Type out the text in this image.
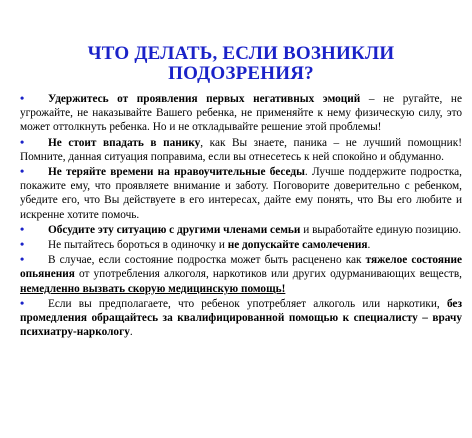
ЧТО ДЕЛАТЬ, ЕСЛИ ВОЗНИКЛИ ПОДОЗРЕНИЯ?
• Удержитесь от проявления первых негативных эмоций – не ругайте, не угрожайте, не наказывайте Вашего ребенка, не применяйте к нему физическую силу, это может оттолкнуть ребенка. Но и не откладывайте решение этой проблемы!
• Не стоит впадать в панику, как Вы знаете, паника – не лучший помощник! Помните, данная ситуация поправима, если вы отнесетесь к ней спокойно и обдуманно.
• Не теряйте времени на нравоучительные беседы. Лучше поддержите подростка, покажите ему, что проявляете внимание и заботу. Поговорите доверительно с ребенком, убедите его, что Вы действуете в его интересах, дайте ему понять, что Вы его любите и искренне хотите помочь.
• Обсудите эту ситуацию с другими членами семьи и выработайте единую позицию.
• Не пытайтесь бороться в одиночку и не допускайте самолечения.
• В случае, если состояние подростка может быть расценено как тяжелое состояние опьянения от употребления алкоголя, наркотиков или других одурманивающих веществ, немедленно вызвать скорую медицинскую помощь!
• Если вы предполагаете, что ребенок употребляет алкоголь или наркотики, без промедления обращайтесь за квалифицированной помощью к специалисту – врачу психиатру-наркологу.
